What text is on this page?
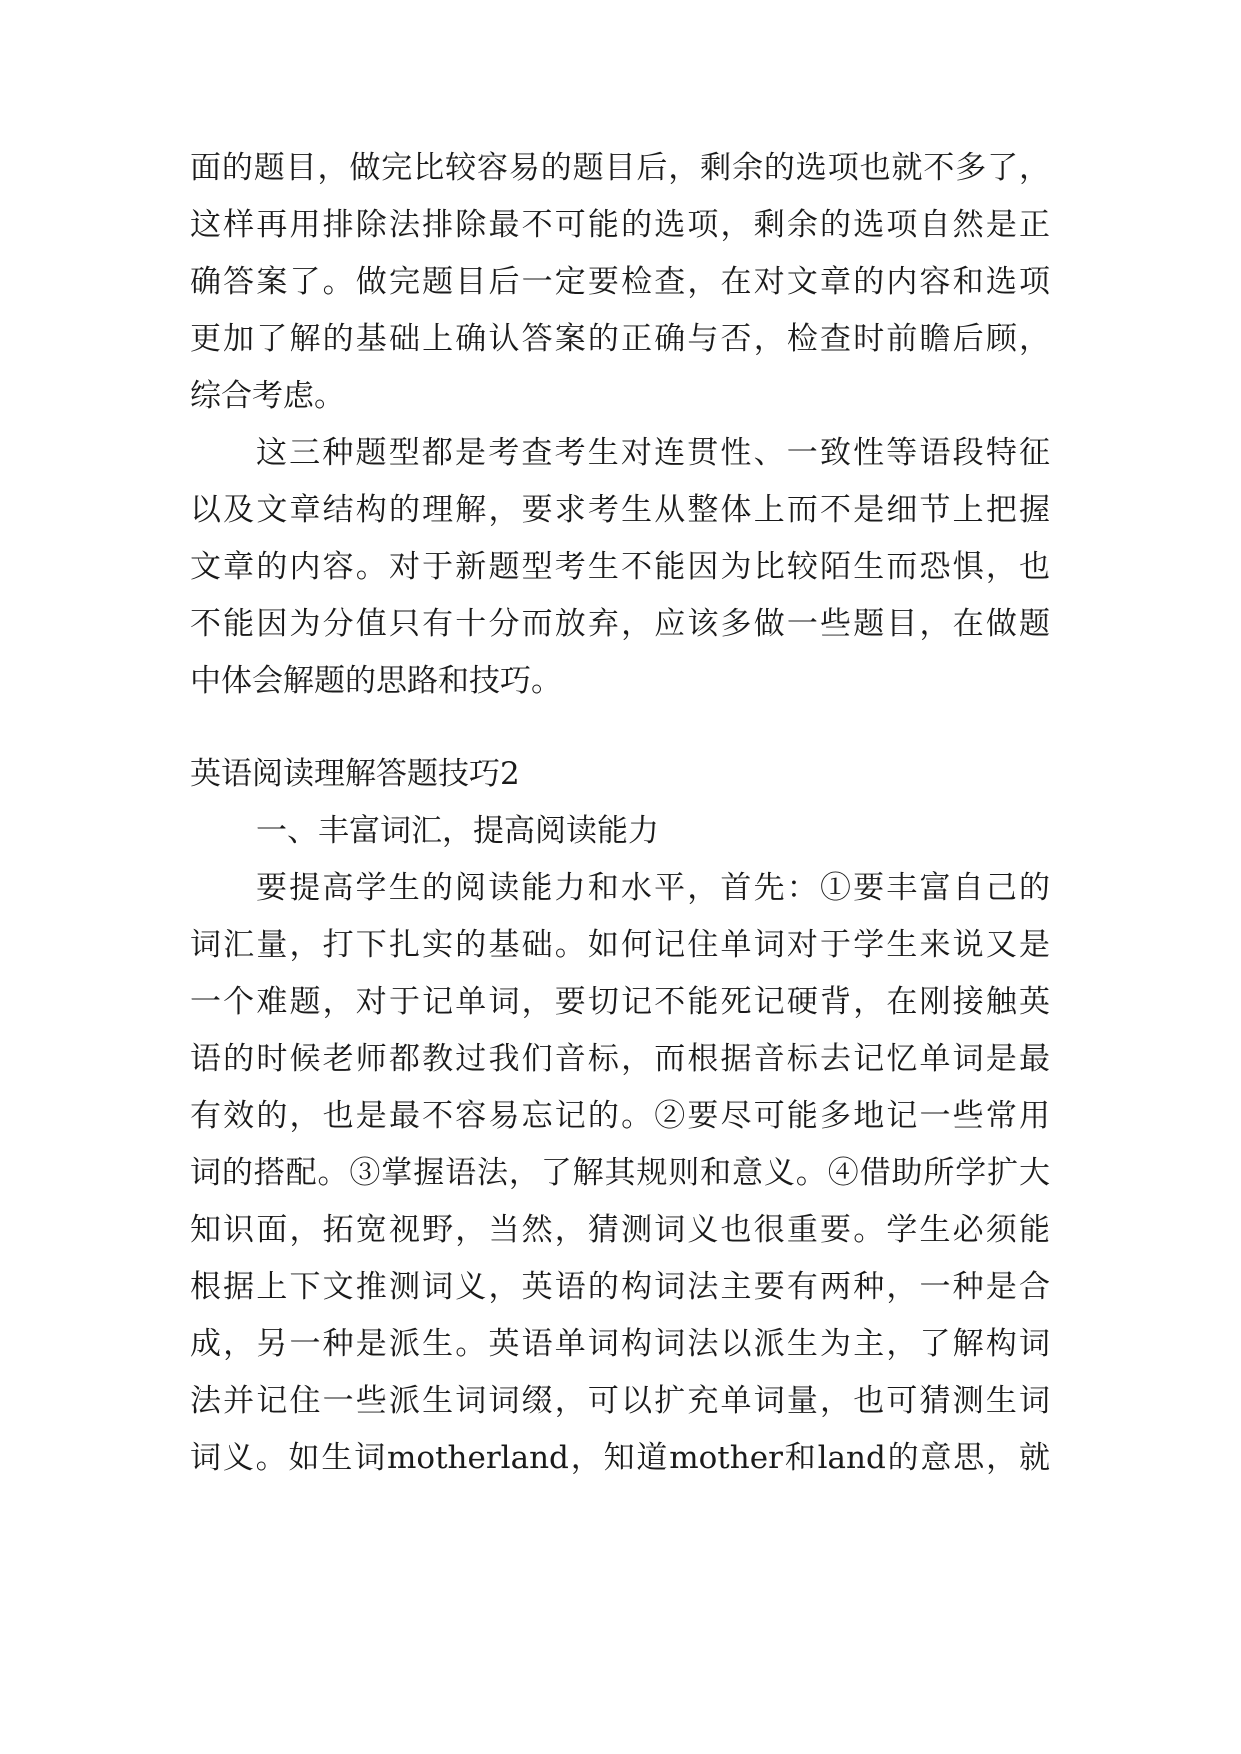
面的题目，做完比较容易的题目后，剩余的选项也就不多了，
这样再用排除法排除最不可能的选项，剩余的选项自然是正
确答案了。做完题目后一定要检查，在对文章的内容和选项
更加了解的基础上确认答案的正确与否，检查时前瞻后顾，
综合考虑。
这三种题型都是考查考生对连贯性、一致性等语段特征
以及文章结构的理解，要求考生从整体上而不是细节上把握
文章的内容。对于新题型考生不能因为比较陌生而恐惧，也
不能因为分值只有十分而放弃，应该多做一些题目，在做题
中体会解题的思路和技巧。
英语阅读理解答题技巧2
一、丰富词汇，提高阅读能力
要提高学生的阅读能力和水平，首先：①要丰富自己的
词汇量，打下扎实的基础。如何记住单词对于学生来说又是
一个难题，对于记单词，要切记不能死记硬背，在刚接触英
语的时候老师都教过我们音标，而根据音标去记忆单词是最
有效的，也是最不容易忘记的。②要尽可能多地记一些常用
词的搭配。③掌握语法，了解其规则和意义。④借助所学扩大
知识面，拓宽视野，当然，猜测词义也很重要。学生必须能
根据上下文推测词义，英语的构词法主要有两种，一种是合
成，另一种是派生。英语单词构词法以派生为主，了解构词
法并记住一些派生词词缀，可以扩充单词量，也可猜测生词
词义。如生词motherland，知道mother和land的意思，就
